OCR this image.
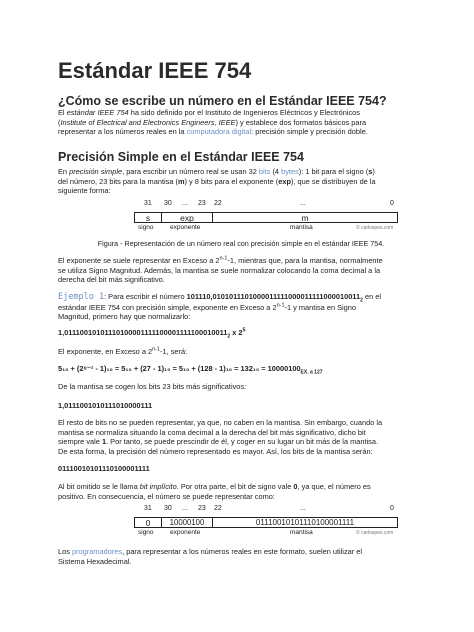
Estándar IEEE 754
¿Cómo se escribe un número en el Estándar IEEE 754?
El estándar IEEE 754 ha sido definido por el Instituto de Ingenieros Eléctricos y Electrónicos
(Institute of Electrical and Electronics Engineers, IEEE) y establece dos formatos básicos para
representar a los números reales en la computadora digital: precisión simple y precisión doble.
Precisión Simple en el Estándar IEEE 754
En precisión simple, para escribir un número real se usan 32 bits (4 bytes): 1 bit para el signo (s)
del número, 23 bits para la mantisa (m) y 8 bits para el exponente (exp), que se distribuyen de la
siguiente forma:
31 30 ... 23 22	...	0
s	exp	m
signo	exponente	mantisa	© carlospes.com
Figura - Representación de un número real con precisión simple en el estándar IEEE 754.
El exponente se suele representar en Exceso a 2$^{n-1}$-1, mientras que, para la mantisa, normalmente
se utiliza Signo Magnitud. Además, la mantisa se suele normalizar colocando la coma decimal a la
derecha del bit más significativo.
Ejemplo 1: Para escribir el número $101110,0101011101000011111000011111000010011_2$ en el
estándar IEEE 754 con precisión simple, exponente en Exceso a 2$^{n-1}$-1 y mantisa en Signo
Magnitud, primero hay que normalizarlo:
$1,01110010101110100001111100001111100010011_2$ x $2^5$
El exponente, en Exceso a 2$^{n-1}$-1, será:
$5_{10} + (2^{8-1} - 1)_{10} = 5_{10} + (27 - 1)_{10} = 5_{10} + (128 - 1)_{10} = 132_{10} = 10000100_{EX. a 127}$
De la mantisa se cogen los bits 23 bits más significativos:
1,0111001010111010000111
El resto de bits no se pueden representar, ya que, no caben en la mantisa. Sin embargo, cuando la
mantisa se normaliza situando la coma decimal a la derecha del bit más significativo, dicho bit
siempre vale 1. Por tanto, se puede prescindir de él, y coger en su lugar un bit más de la mantisa.
De esta forma, la precisión del número representado es mayor. Así, los bits de la mantisa serán:
01110010101110100001111
Al bit omitido se le llama bit implícito. Por otra parte, el bit de signo vale 0, ya que, el número es
positivo. En consecuencia, el número se puede representar como:
31 30 ... 23 22	...	0
0	10000100	01110010101110100001111
signo	exponente	mantisa	© carlospes.com
Los programadores, para representar a los números reales en este formato, suelen utilizar el
Sistema Hexadecimal.
